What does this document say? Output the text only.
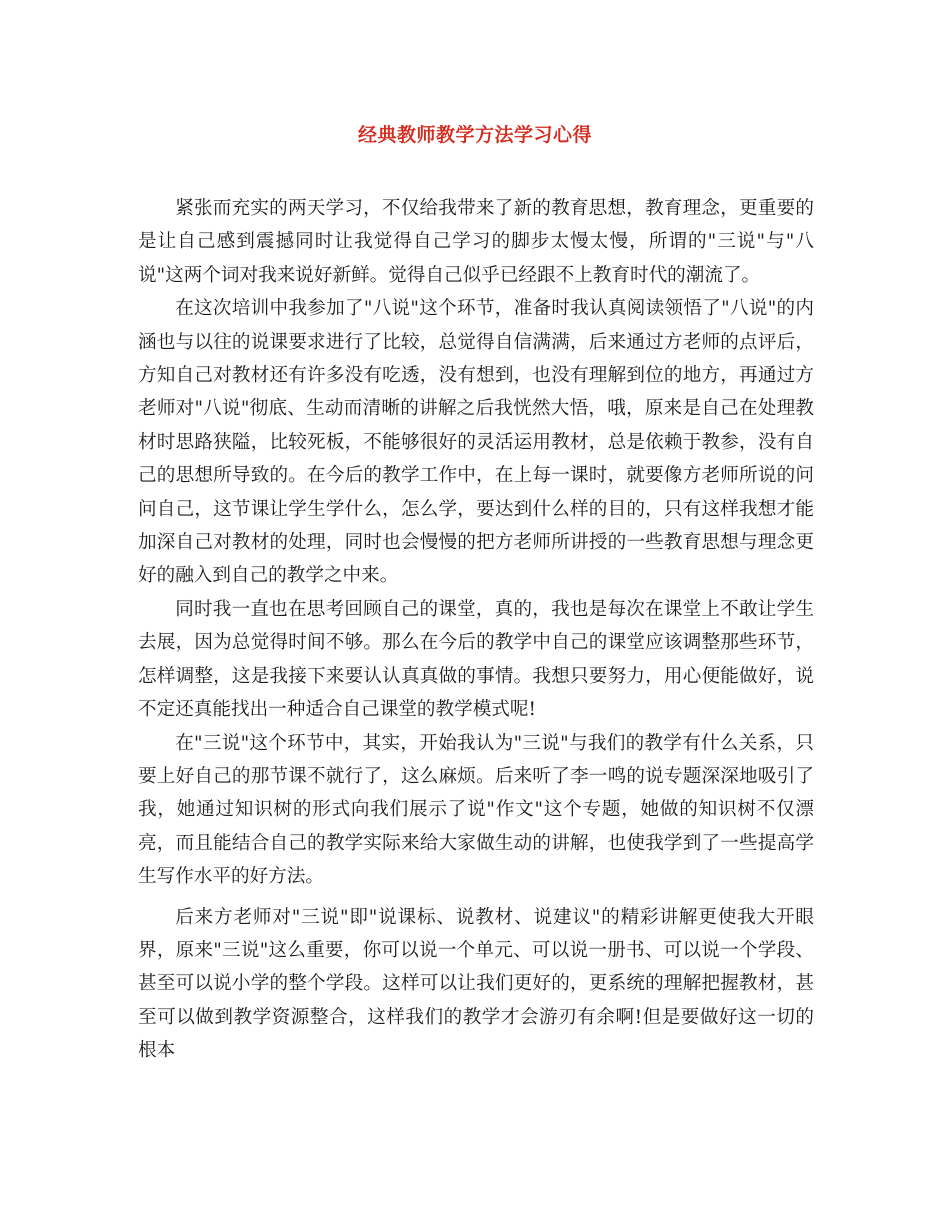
经典教师教学方法学习心得

紧张而充实的两天学习，不仅给我带来了新的教育思想，教育理念，更重要的是让自己感到震撼同时让我觉得自己学习的脚步太慢太慢，所谓的"三说"与"八说"这两个词对我来说好新鲜。觉得自己似乎已经跟不上教育时代的潮流了。

在这次培训中我参加了"八说"这个环节，准备时我认真阅读领悟了"八说"的内涵也与以往的说课要求进行了比较，总觉得自信满满，后来通过方老师的点评后，方知自己对教材还有许多没有吃透，没有想到，也没有理解到位的地方，再通过方老师对"八说"彻底、生动而清晰的讲解之后我恍然大悟，哦，原来是自己在处理教材时思路狭隘，比较死板，不能够很好的灵活运用教材，总是依赖于教参，没有自己的思想所导致的。在今后的教学工作中，在上每一课时，就要像方老师所说的问问自己，这节课让学生学什么，怎么学，要达到什么样的目的，只有这样我想才能加深自己对教材的处理，同时也会慢慢的把方老师所讲授的一些教育思想与理念更好的融入到自己的教学之中来。

同时我一直也在思考回顾自己的课堂，真的，我也是每次在课堂上不敢让学生去展，因为总觉得时间不够。那么在今后的教学中自己的课堂应该调整那些环节，怎样调整，这是我接下来要认认真真做的事情。我想只要努力，用心便能做好，说不定还真能找出一种适合自己课堂的教学模式呢!

在"三说"这个环节中，其实，开始我认为"三说"与我们的教学有什么关系，只要上好自己的那节课不就行了，这么麻烦。后来听了李一鸣的说专题深深地吸引了我，她通过知识树的形式向我们展示了说"作文"这个专题，她做的知识树不仅漂亮，而且能结合自己的教学实际来给大家做生动的讲解，也使我学到了一些提高学生写作水平的好方法。

后来方老师对"三说"即"说课标、说教材、说建议"的精彩讲解更使我大开眼界，原来"三说"这么重要，你可以说一个单元、可以说一册书、可以说一个学段、甚至可以说小学的整个学段。这样可以让我们更好的，更系统的理解把握教材，甚至可以做到教学资源整合，这样我们的教学才会游刃有余啊!但是要做好这一切的根本
